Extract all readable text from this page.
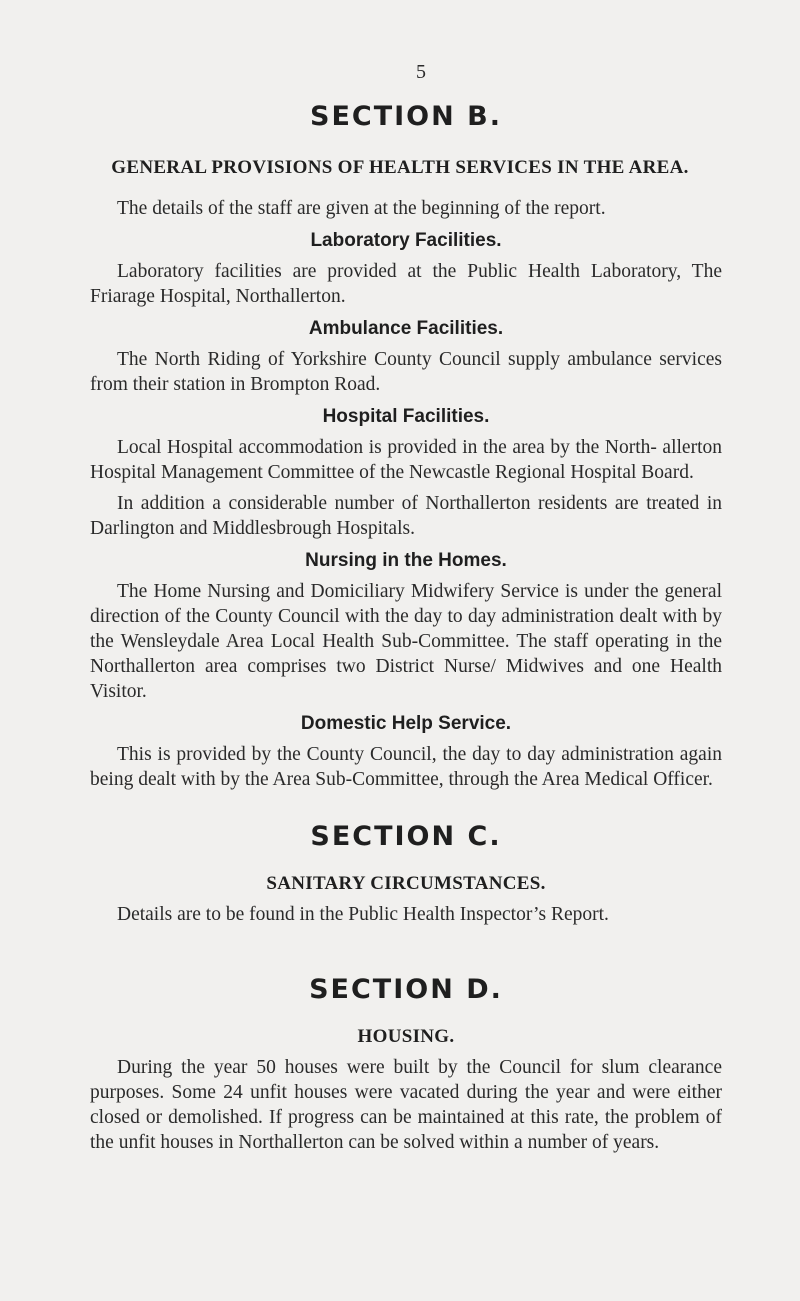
5
SECTION B.
GENERAL PROVISIONS OF HEALTH SERVICES IN THE AREA.

The details of the staff are given at the beginning of the report.

Laboratory Facilities.

Laboratory facilities are provided at the Public Health Laboratory, The Friarage Hospital, Northallerton.

Ambulance Facilities.

The North Riding of Yorkshire County Council supply ambulance services from their station in Brompton Road.

Hospital Facilities.

Local Hospital accommodation is provided in the area by the North- allerton Hospital Management Committee of the Newcastle Regional Hospital Board.

In addition a considerable number of Northallerton residents are treated in Darlington and Middlesbrough Hospitals.

Nursing in the Homes.

The Home Nursing and Domiciliary Midwifery Service is under the general direction of the County Council with the day to day administration dealt with by the Wensleydale Area Local Health Sub-Committee. The staff operating in the Northallerton area comprises two District Nurse/ Midwives and one Health Visitor.

Domestic Help Service.

This is provided by the County Council, the day to day administration again being dealt with by the Area Sub-Committee, through the Area Medical Officer.

SECTION C.
SANITARY CIRCUMSTANCES.

Details are to be found in the Public Health Inspector’s Report.

SECTION D.
HOUSING.

During the year 50 houses were built by the Council for slum clearance purposes. Some 24 unfit houses were vacated during the year and were either closed or demolished. If progress can be maintained at this rate, the problem of the unfit houses in Northallerton can be solved within a number of years.
